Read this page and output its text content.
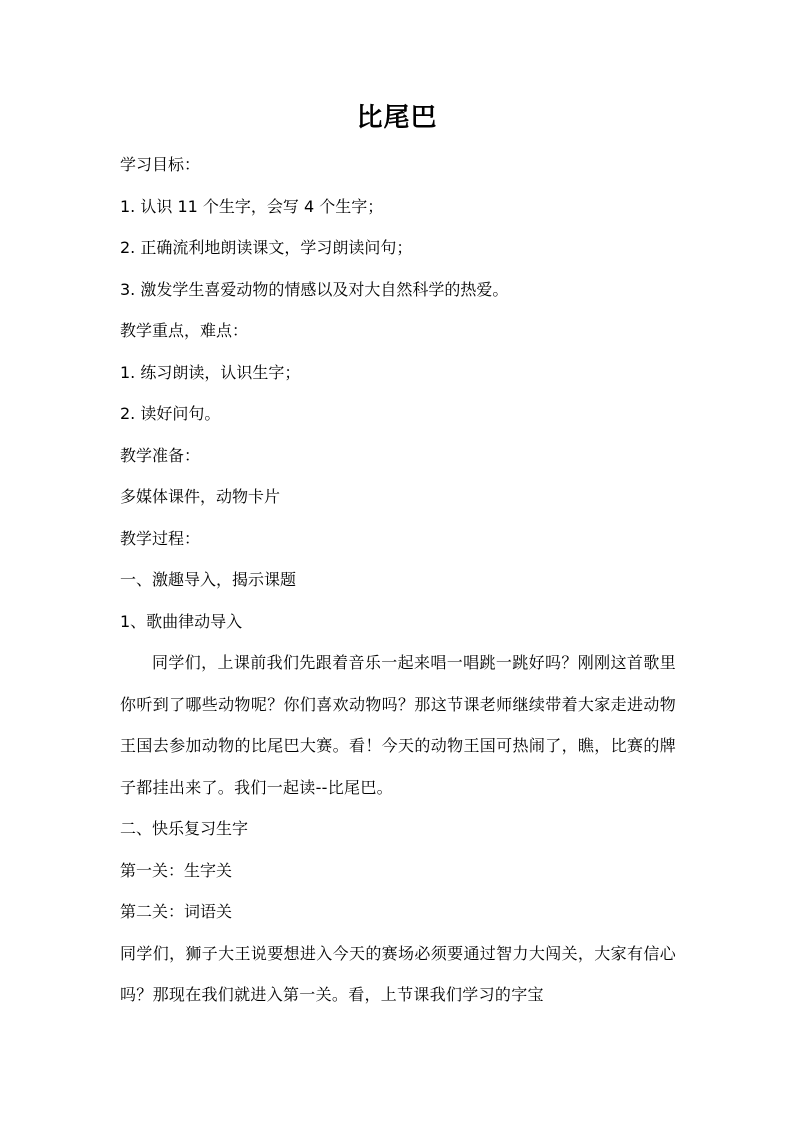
比尾巴
学习目标：
1. 认识 11 个生字，会写 4 个生字；
2. 正确流利地朗读课文，学习朗读问句；
3. 激发学生喜爱动物的情感以及对大自然科学的热爱。
教学重点，难点：
1. 练习朗读，认识生字；
2. 读好问句。
教学准备：
多媒体课件，动物卡片
教学过程：
一、激趣导入，揭示课题
1、歌曲律动导入
同学们，上课前我们先跟着音乐一起来唱一唱跳一跳好吗？刚刚这首歌里你听到了哪些动物呢？你们喜欢动物吗？那这节课老师继续带着大家走进动物王国去参加动物的比尾巴大赛。看！今天的动物王国可热闹了，瞧，比赛的牌子都挂出来了。我们一起读--比尾巴。
二、快乐复习生字
第一关：生字关
第二关：词语关
同学们，狮子大王说要想进入今天的赛场必须要通过智力大闯关，大家有信心吗？那现在我们就进入第一关。看，上节课我们学习的字宝
